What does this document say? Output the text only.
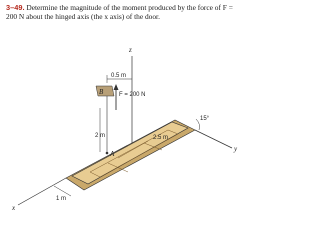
3–49. Determine the magnitude of the moment produced by the force of F = 200 N about the hinged axis (the x axis) of the door.

z
y
x
0.5 m
B	F = 200 N
2 m
A
2.5 m
1 m
15°
